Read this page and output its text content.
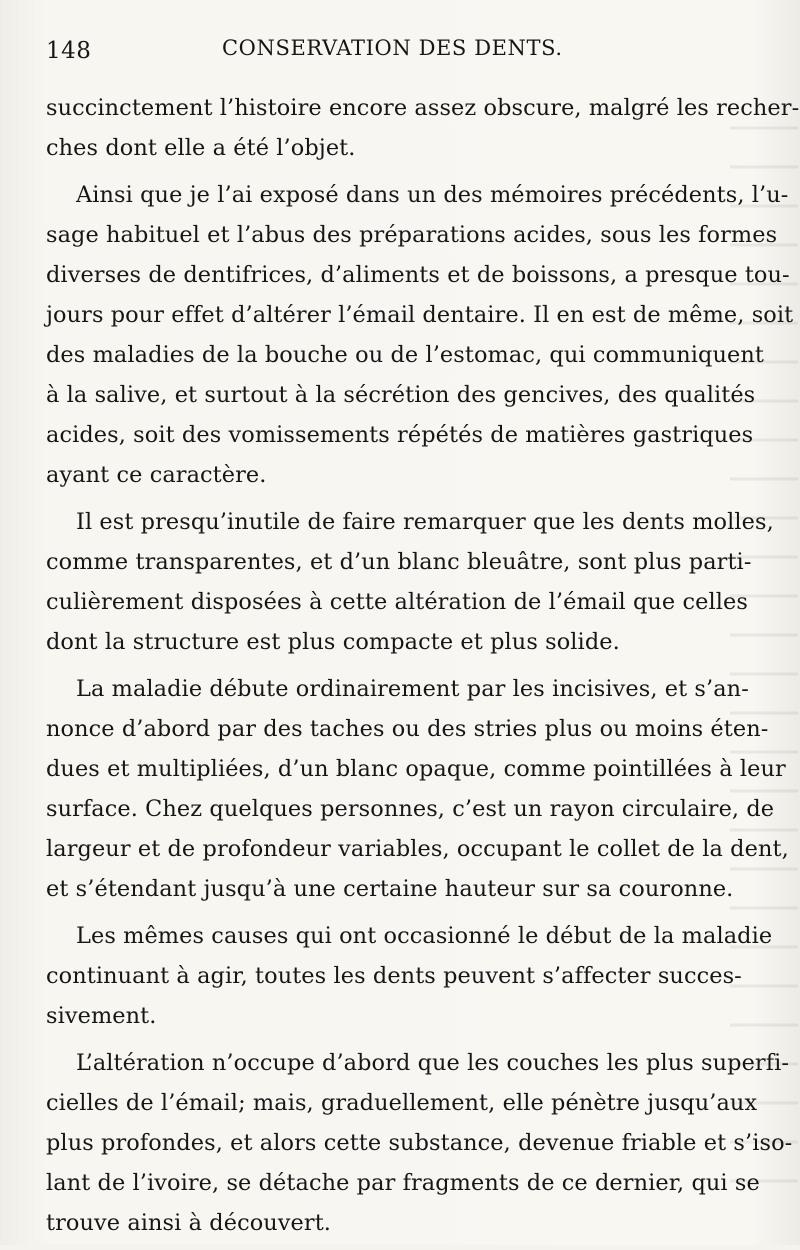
148	CONSERVATION DES DENTS.

succinctement l’histoire encore assez obscure, malgré les recher-
ches dont elle a été l’objet.

Ainsi que je l’ai exposé dans un des mémoires précédents, l’u-
sage habituel et l’abus des préparations acides, sous les formes
diverses de dentifrices, d’aliments et de boissons, a presque tou-
jours pour effet d’altérer l’émail dentaire. Il en est de même, soit
des maladies de la bouche ou de l’estomac, qui communiquent
à la salive, et surtout à la sécrétion des gencives, des qualités
acides, soit des vomissements répétés de matières gastriques
ayant ce caractère.

Il est presqu’inutile de faire remarquer que les dents molles,
comme transparentes, et d’un blanc bleuâtre, sont plus parti-
culièrement disposées à cette altération de l’émail que celles
dont la structure est plus compacte et plus solide.

La maladie débute ordinairement par les incisives, et s’an-
nonce d’abord par des taches ou des stries plus ou moins éten-
dues et multipliées, d’un blanc opaque, comme pointillées à leur
surface. Chez quelques personnes, c’est un rayon circulaire, de
largeur et de profondeur variables, occupant le collet de la dent,
et s’étendant jusqu’à une certaine hauteur sur sa couronne.

Les mêmes causes qui ont occasionné le début de la maladie
continuant à agir, toutes les dents peuvent s’affecter succes-
sivement.

L’altération n’occupe d’abord que les couches les plus superfi-
cielles de l’émail; mais, graduellement, elle pénètre jusqu’aux
plus profondes, et alors cette substance, devenue friable et s’iso-
lant de l’ivoire, se détache par fragments de ce dernier, qui se
trouve ainsi à découvert.
